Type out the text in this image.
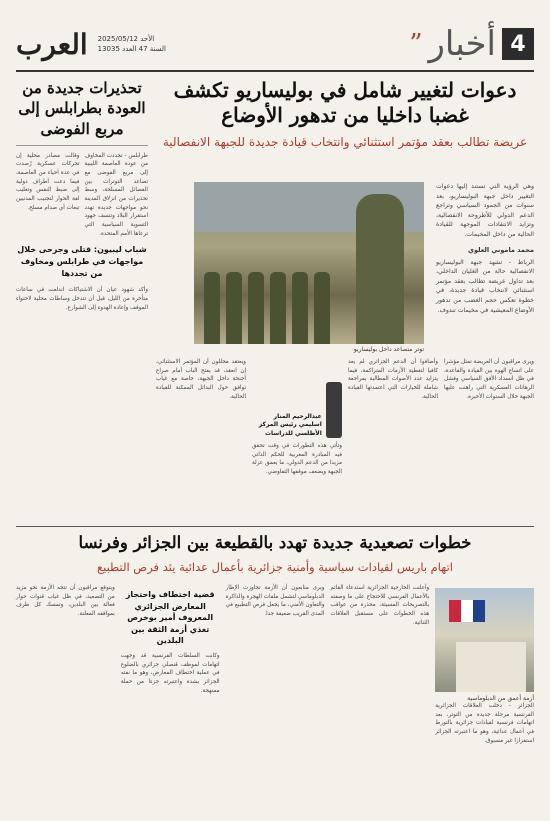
4
أخبار
”
الأحد 2025/05/12
السنة 47 العدد 13035
العرب
تحذيرات جديدة من العودة بطرابلس إلى مربع الفوضى
طرابلس - تجددت المخاوف من عودة العاصمة الليبية إلى مربع الفوضى مع تصاعد التوترات بين الفصائل المسلحة، وسط تحذيرات من انزلاق المدينة نحو مواجهات جديدة تهدد استقرار البلاد وتنسف جهود التسوية السياسية التي ترعاها الأمم المتحدة.
وقالت مصادر محلية إن تحركات عسكرية رُصدت في عدة أحياء من العاصمة، فيما دعت أطراف دولية إلى ضبط النفس وتغليب لغة الحوار لتجنيب المدنيين تبعات أي صدام مسلح.
شباب ليبيون: قتلى وجرحى خلال مواجهات في طرابلس ومخاوف من تجددها
وأكد شهود عيان أن الاشتباكات اندلعت في ساعات متأخرة من الليل، قبل أن تتدخل وساطات محلية لاحتواء الموقف وإعادة الهدوء إلى الشوارع.
دعوات لتغيير شامل في بوليساريو تكشف غضبا داخليا من تدهور الأوضاع
عريضة تطالب بعقد مؤتمر استثنائي وانتخاب قيادة جديدة للجبهة الانفصالية
وهي الرؤية التي تستند إليها دعوات التغيير داخل جبهة البوليساريو، بعد سنوات من الجمود السياسي وتراجع الدعم الدولي للأطروحة الانفصالية، وتزايد الانتقادات الموجهة للقيادة الحالية من داخل المخيمات.
محمد ماموني العلوي
الرباط - تشهد جبهة البوليساريو الانفصالية حالة من الغليان الداخلي، بعد تداول عريضة تطالب بعقد مؤتمر استثنائي لانتخاب قيادة جديدة، في خطوة تعكس حجم الغضب من تدهور الأوضاع المعيشية في مخيمات تندوف.
توتر متصاعد داخل بوليساريو
ويرى مراقبون أن العريضة تمثل مؤشرا على اتساع الهوة بين القيادة والقاعدة، في ظل انسداد الأفق السياسي وفشل الرهانات العسكرية التي راهنت عليها الجبهة خلال السنوات الأخيرة.
وأضافوا أن الدعم الجزائري لم يعد كافيا لتغطية الأزمات المتراكمة، فيما يتزايد عدد الأصوات المطالبة بمراجعة شاملة للخيارات التي اعتمدتها القيادة الحالية.
عبدالرحيم المنار اسليمي رئيس المركز الأطلسي للدراسات
وتأتي هذه التطورات في وقت تحقق فيه المبادرة المغربية للحكم الذاتي مزيدا من الدعم الدولي، ما يعمق عزلة الجبهة ويضعف موقفها التفاوضي.
ويعتقد محللون أن المؤتمر الاستثنائي، إن انعقد، قد يفتح الباب أمام صراع أجنحة داخل الجبهة، خاصة مع غياب توافق حول البدائل الممكنة للقيادة الحالية.
خطوات تصعيدية جديدة تهدد بالقطيعة بين الجزائر وفرنسا
اتهام باريس لقيادات سياسية وأمنية جزائرية بأعمال عدائية يئد فرص التطبيع
أزمة أعمق من الدبلوماسية
الجزائر - دخلت العلاقات الجزائرية الفرنسية مرحلة جديدة من التوتر، بعد اتهامات فرنسية لقيادات جزائرية بالتورط في أعمال عدائية، وهو ما اعتبرته الجزائر استفزازا غير مسبوق.
وأعلنت الخارجية الجزائرية استدعاء القائم بالأعمال الفرنسي للاحتجاج على ما وصفته بالتصريحات المسيئة، محذرة من عواقب هذه الخطوات على مستقبل العلاقات الثنائية.
ويرى متابعون أن الأزمة تجاوزت الإطار الدبلوماسي لتشمل ملفات الهجرة والذاكرة والتعاون الأمني، ما يجعل فرص التطبيع في المدى القريب ضعيفة جدا.
قضية اختطاف واحتجاز المعارض الجزائري المعروف أمير بوخرص تغذي أزمة الثقة بين البلدين
وكانت السلطات الفرنسية قد وجهت اتهامات لموظف قنصلي جزائري بالضلوع في عملية اختطاف المعارض، وهو ما نفته الجزائر بشدة واعتبرته جزءا من حملة ممنهجة.
ويتوقع مراقبون أن تتجه الأزمة نحو مزيد من التصعيد، في ظل غياب قنوات حوار فعالة بين البلدين، وتمسك كل طرف بمواقفه المعلنة.
